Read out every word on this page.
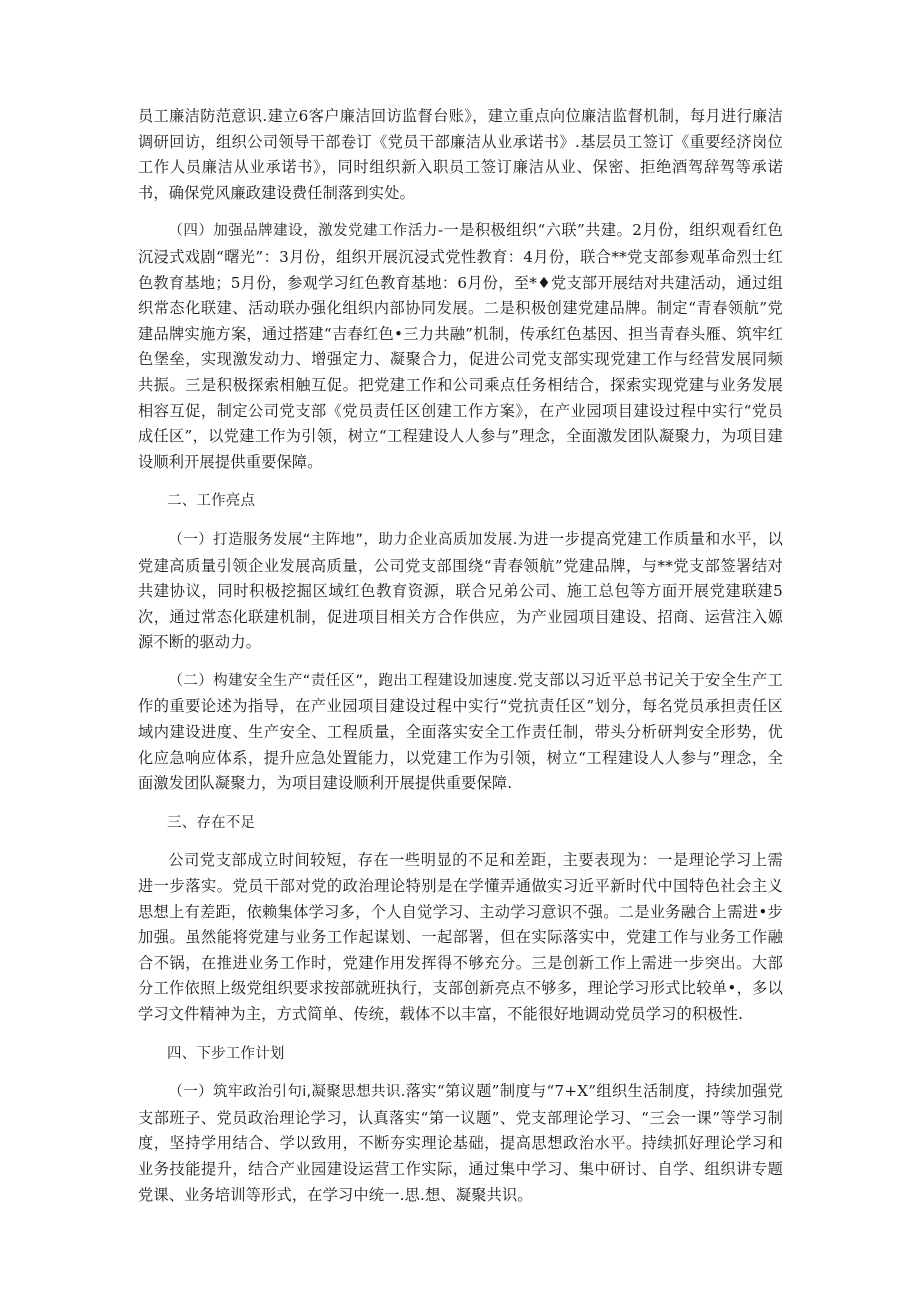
员工廉洁防范意识.建立6客户廉洁回访监督台账》，建立重点向位廉洁监督机制，每月进行廉洁调研回访，组织公司领导干部卷订《党员干部廉洁从业承诺书》.基层员工签订《重要经济岗位工作人员廉洁从业承诺书》，同时组织新入职员工签订廉洁从业、保密、拒绝酒驾辞驾等承诺书，确保党风廉政建设费任制落到实处。

（四）加强品牌建设，激发党建工作活力-一是积极组织“六联”共建。2月份，组织观看红色沉浸式戏剧“曙光”：3月份，组织开展沉浸式党性教育：4月份，联合**党支部参观革命烈士红色教育基地；5月份，参观学习红色教育基地：6月份，至*♦党支部开展结对共建活动，通过组织常态化联建、活动联办强化组织内部协同发展。二是积极创建党建品牌。制定“青春领航”党建品牌实施方案，通过搭建“吉春红色•三力共融”机制，传承红色基因、担当青春头雁、筑牢红色堡垒，实现激发动力、增强定力、凝聚合力，促进公司党支部实现党建工作与经营发展同频共振。三是积极探索相触互促。把党建工作和公司乘点任务相结合，探索实现党建与业务发展相容互促，制定公司党支部《党员责任区创建工作方案》，在产业园项目建设过程中实行“党员成任区”，以党建工作为引领，树立“工程建设人人参与”理念，全面激发团队凝聚力，为项目建设顺利开展提供重要保障。

二、工作亮点

（一）打造服务发展“主阵地”，助力企业高质加发展.为进一步提高党建工作质量和水平，以党建高质量引领企业发展高质量，公司党支部围绕“青春领航”党建品牌，与**党支部签署结对共建协议，同时积极挖掘区域红色教育资源，联合兄弟公司、施工总包等方面开展党建联建5次，通过常态化联建机制，促进项目相关方合作供应，为产业园项目建设、招商、运营注入嫄源不断的驱动力。

（二）构建安全生产“责任区”，跑出工程建设加速度.党支部以习近平总书记关于安全生产工作的重要论述为指导，在产业园项目建设过程中实行“党抗责任区”划分，每名党员承担责任区域内建设进度、生产安全、工程质量，全面落实安全工作责任制，带头分析研判安全形势，优化应急响应体系，提升应急处置能力，以党建工作为引领，树立“工程建设人人参与”理念，全面激发团队凝聚力，为项目建设顺利开展提供重要保障.

三、存在不足

公司党支部成立时间较短，存在一些明显的不足和差距，主要表现为：一是理论学习上需进一步落实。党员干部对党的政治理论特别是在学懂弄通做实习近平新时代中国特色社会主义思想上有差距，依赖集体学习多，个人自觉学习、主动学习意识不强。二是业务融合上需进•步加强。虽然能将党建与业务工作起谋划、一起部署，但在实际落实中，党建工作与业务工作融合不锅，在推进业务工作时，党建作用发挥得不够充分。三是创新工作上需进一步突出。大部分工作依照上级党组织要求按部就班执行，支部创新亮点不够多，理论学习形式比较单•，多以学习文件精神为主，方式简单、传统，载体不以丰富，不能很好地调动党员学习的积极性.

四、下步工作计划

（一）筑牢政治引句i,凝聚思想共识.落实“第议题”制度与“7+X”组织生活制度，持续加强党支部班子、党员政治理论学习，认真落实“第一议题”、党支部理论学习、“三会一课”等学习制度，坚持学用结合、学以致用，不断夯实理论基础，提高思想政治水平。持续抓好理论学习和业务技能提升，结合产业园建设运营工作实际，通过集中学习、集中研讨、自学、组织讲专题党课、业务培训等形式，在学习中统一.思.想、凝聚共识。
